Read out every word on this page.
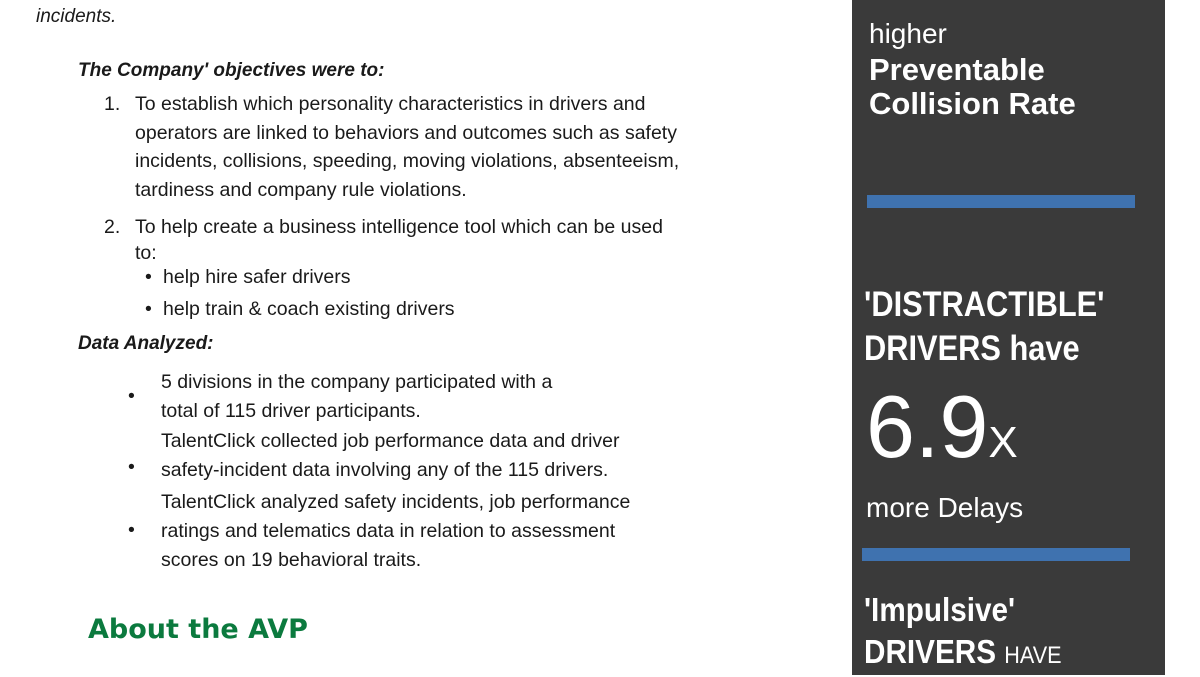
incidents.
The Company' objectives were to:
1. To establish which personality characteristics in drivers and
operators are linked to behaviors and outcomes such as safety
incidents, collisions, speeding, moving violations, absenteeism,
tardiness and company rule violations.
2. To help create a business intelligence tool which can be used
to:
• help hire safer drivers
• help train & coach existing drivers
Data Analyzed:
•
5 divisions in the company participated with a
total of 115 driver participants.
•
TalentClick collected job performance data and driver
safety-incident data involving any of the 115 drivers.
•
TalentClick analyzed safety incidents, job performance
ratings and telematics data in relation to assessment
scores on 19 behavioral traits.
About the AVP
higher
Preventable
Collision Rate
'DISTRACTIBLE'
DRIVERS have
6.9X
more Delays
'Impulsive'
DRIVERS HAVE
